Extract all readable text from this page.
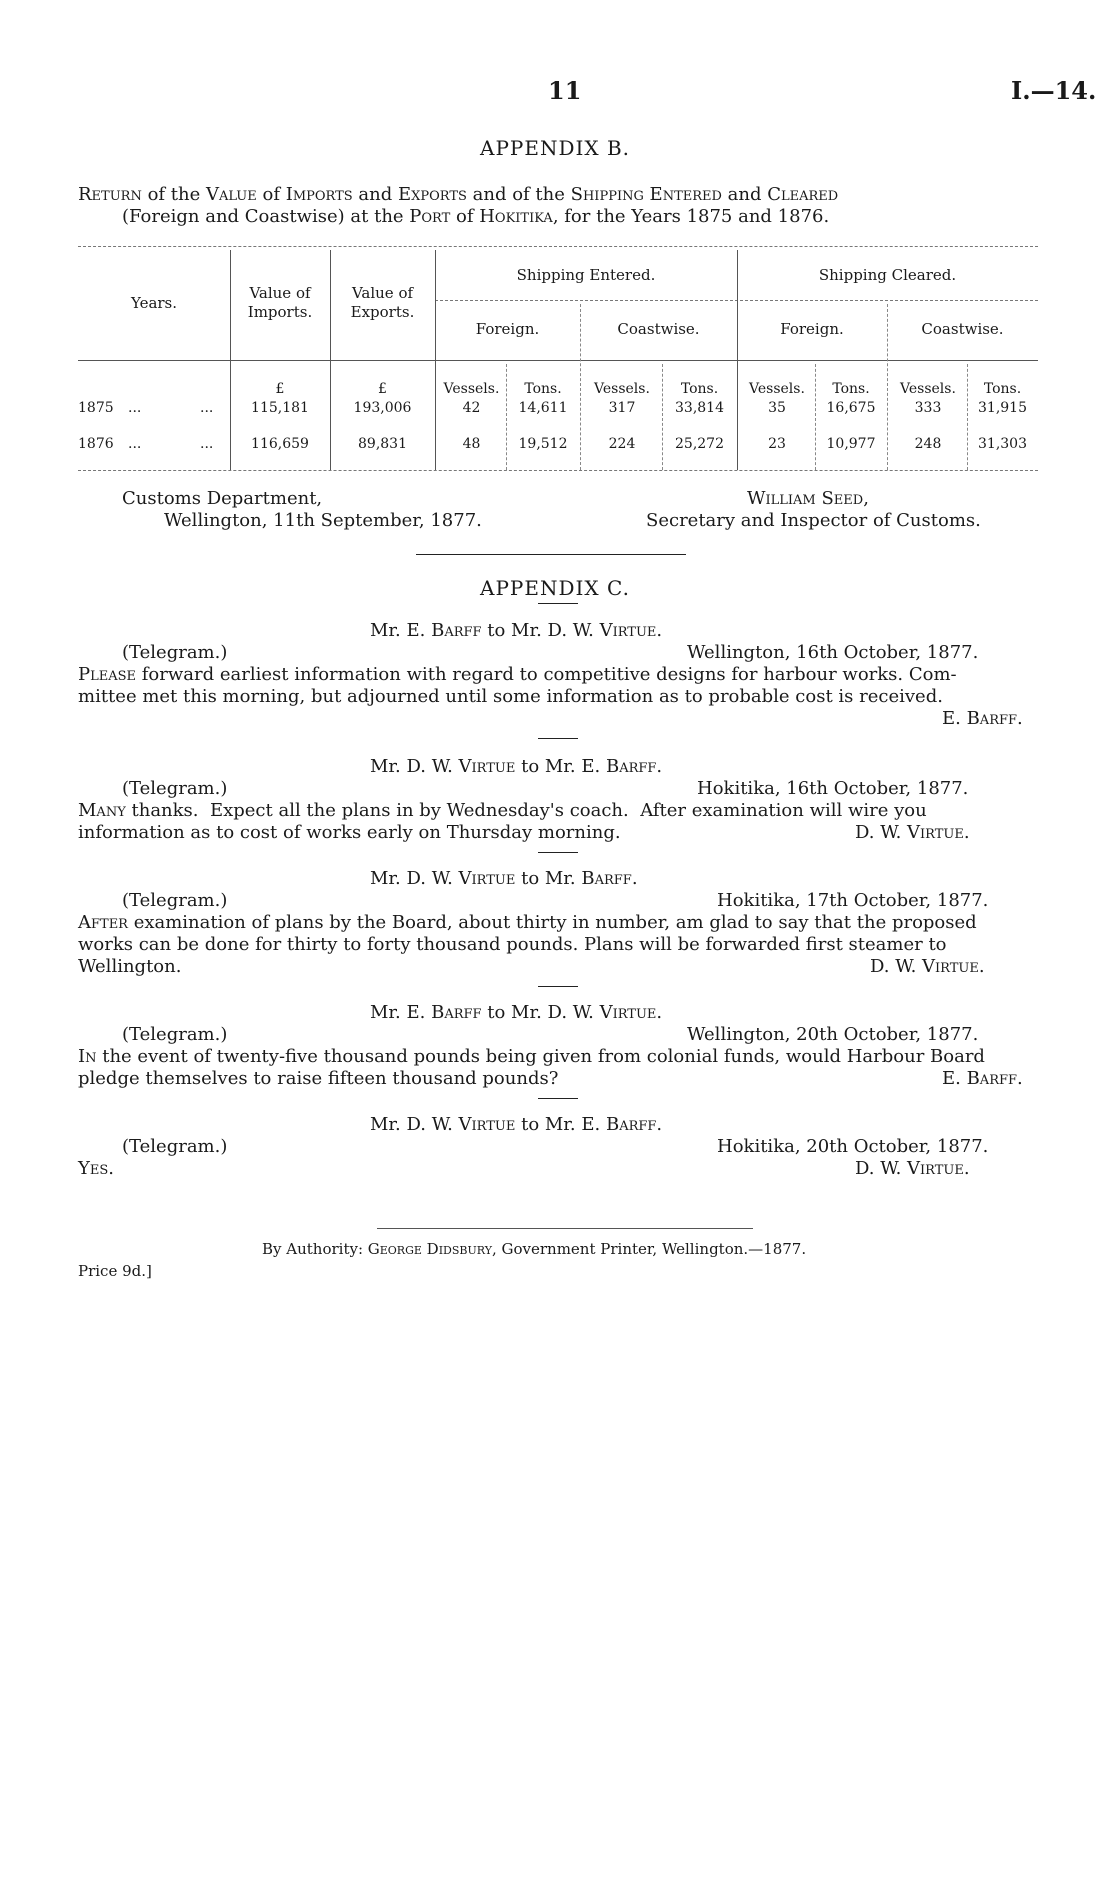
11	I.—14.
APPENDIX B.
Return of the Value of Imports and Exports and of the Shipping Entered and Cleared
(Foreign and Coastwise) at the Port of Hokitika, for the Years 1875 and 1876.
Years.
Value of
Imports.
Value of
Exports.
Shipping Entered.	Shipping Cleared.
Foreign.	Coastwise.	Foreign.	Coastwise.
£	£	Vessels.	Tons.	Vessels.	Tons.	Vessels.	Tons.	Vessels.	Tons.
1875 ...	...	115,181	193,006	42	14,611	317	33,814	35	16,675	333	31,915
1876 ...	...	116,659	89,831	48	19,512	224	25,272	23	10,977	248	31,303
Customs Department,
Wellington, 11th September, 1877.
William Seed,
Secretary and Inspector of Customs.
APPENDIX C.
Mr. E. Barff to Mr. D. W. Virtue.
(Telegram.)	Wellington, 16th October, 1877.
Please forward earliest information with regard to competitive designs for harbour works. Com-
mittee met this morning, but adjourned until some information as to probable cost is received.
E. Barff.
Mr. D. W. Virtue to Mr. E. Barff.
(Telegram.)	Hokitika, 16th October, 1877.
Many thanks.  Expect all the plans in by Wednesday's coach.  After examination will wire you
information as to cost of works early on Thursday morning.	D. W. Virtue.
Mr. D. W. Virtue to Mr. Barff.
(Telegram.)	Hokitika, 17th October, 1877.
After examination of plans by the Board, about thirty in number, am glad to say that the proposed
works can be done for thirty to forty thousand pounds. Plans will be forwarded first steamer to
Wellington.	D. W. Virtue.
Mr. E. Barff to Mr. D. W. Virtue.
(Telegram.)	Wellington, 20th October, 1877.
In the event of twenty-five thousand pounds being given from colonial funds, would Harbour Board
pledge themselves to raise fifteen thousand pounds?	E. Barff.
Mr. D. W. Virtue to Mr. E. Barff.
(Telegram.)	Hokitika, 20th October, 1877.
Yes.	D. W. Virtue.
By Authority: George Didsbury, Government Printer, Wellington.—1877.
Price 9d.]
